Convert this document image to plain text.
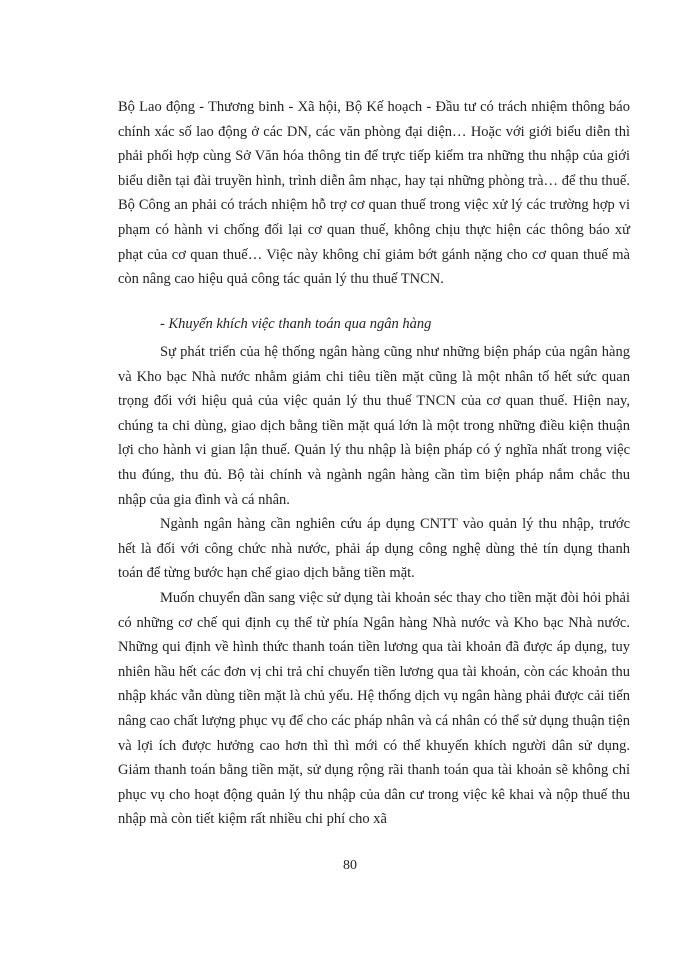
Bộ Lao động - Thương binh - Xã hội, Bộ Kế hoạch - Đầu tư có trách nhiệm thông báo chính xác số lao động ở các DN, các văn phòng đại diện… Hoặc với giới biểu diễn thì phải phối hợp cùng Sở Văn hóa thông tin để trực tiếp kiểm tra những thu nhập của giới biểu diễn tại đài truyền hình, trình diễn âm nhạc, hay tại những phòng trà… để thu thuế. Bộ Công an phải có trách nhiệm hỗ trợ cơ quan thuế trong việc xử lý các trường hợp vi phạm có hành vi chống đối lại cơ quan thuế, không chịu thực hiện các thông báo xử phạt của cơ quan thuế… Việc này không chỉ giảm bớt gánh nặng cho cơ quan thuế mà còn nâng cao hiệu quả công tác quản lý thu thuế TNCN.

- Khuyến khích việc thanh toán qua ngân hàng

Sự phát triển của hệ thống ngân hàng cũng như những biện pháp của ngân hàng và Kho bạc Nhà nước nhằm giảm chi tiêu tiền mặt cũng là một nhân tố hết sức quan trọng đối với hiệu quả của việc quản lý thu thuế TNCN của cơ quan thuế. Hiện nay, chúng ta chi dùng, giao dịch bằng tiền mặt quá lớn là một trong những điều kiện thuận lợi cho hành vi gian lận thuế. Quản lý thu nhập là biện pháp có ý nghĩa nhất trong việc thu đúng, thu đủ. Bộ tài chính và ngành ngân hàng cần tìm biện pháp nắm chắc thu nhập của gia đình và cá nhân.

Ngành ngân hàng cần nghiên cứu áp dụng CNTT vào quản lý thu nhập, trước hết là đối với công chức nhà nước, phải áp dụng công nghệ dùng thẻ tín dụng thanh toán để từng bước hạn chế giao dịch bằng tiền mặt.

Muốn chuyển dần sang việc sử dụng tài khoản séc thay cho tiền mặt đòi hỏi phải có những cơ chế qui định cụ thể từ phía Ngân hàng Nhà nước và Kho bạc Nhà nước. Những qui định về hình thức thanh toán tiền lương qua tài khoản đã được áp dụng, tuy nhiên hầu hết các đơn vị chi trả chỉ chuyển tiền lương qua tài khoản, còn các khoản thu nhập khác vẫn dùng tiền mặt là chủ yếu. Hệ thống dịch vụ ngân hàng phải được cải tiến nâng cao chất lượng phục vụ để cho các pháp nhân và cá nhân có thể sử dụng thuận tiện và lợi ích được hưởng cao hơn thì thì mới có thể khuyến khích người dân sử dụng. Giảm thanh toán bằng tiền mặt, sử dụng rộng rãi thanh toán qua tài khoản sẽ không chỉ phục vụ cho hoạt động quản lý thu nhập của dân cư trong việc kê khai và nộp thuế thu nhập mà còn tiết kiệm rất nhiều chi phí cho xã

80
